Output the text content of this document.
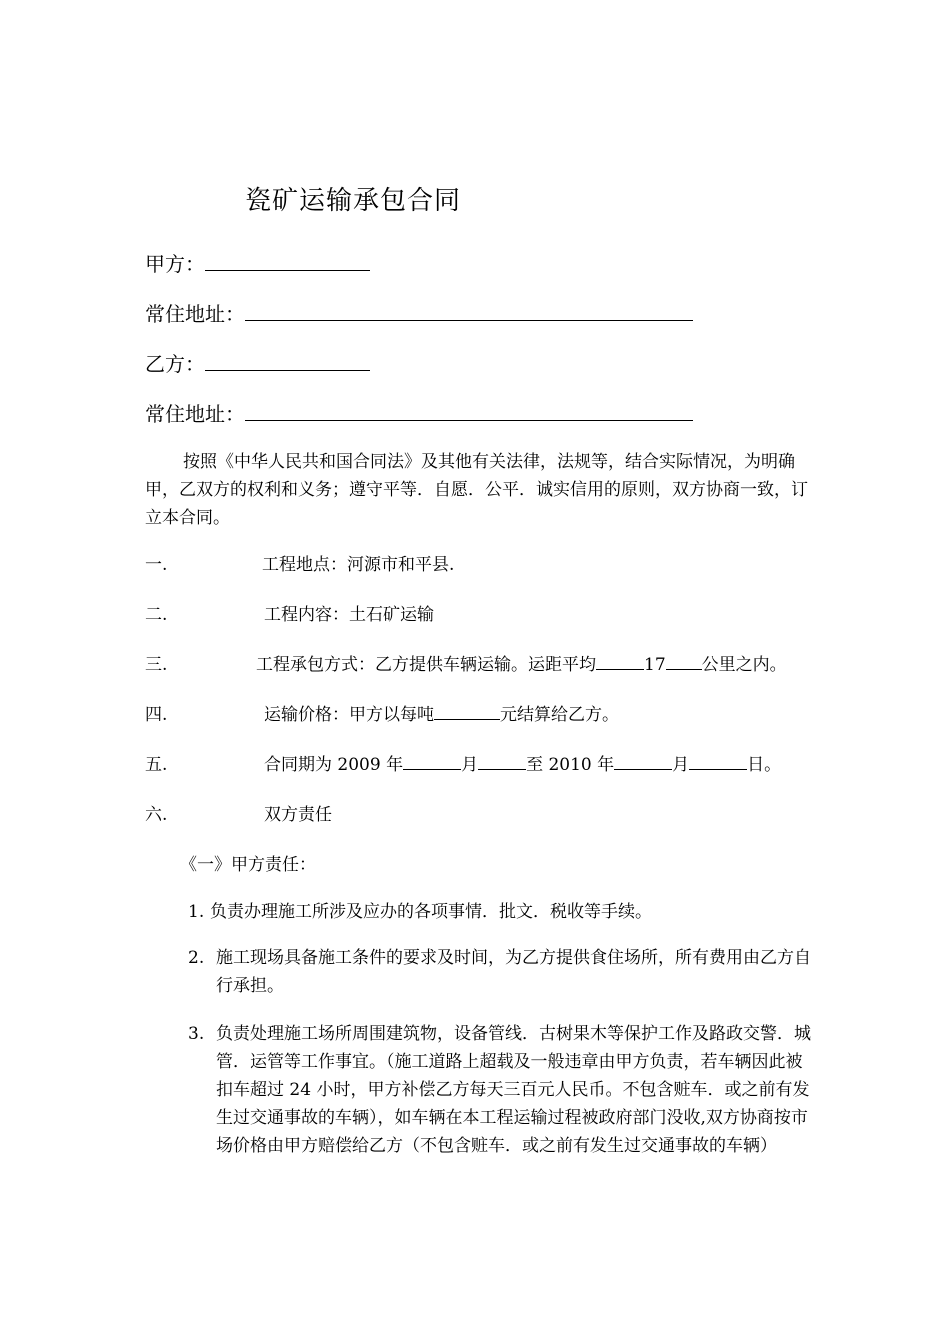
瓷矿运输承包合同
甲方：
常住地址：
乙方：
常住地址：
按照《中华人民共和国合同法》及其他有关法律，法规等，结合实际情况，为明确甲，乙双方的权利和义务；遵守平等．自愿．公平．诚实信用的原则，双方协商一致，订立本合同。
一.	工程地点：河源市和平县.
二.	工程内容：土石矿运输
三.	工程承包方式：乙方提供车辆运输。运距平均	17 公里之内。
四.	运输价格：甲方以每吨	元结算给乙方。
五.	合同期为 2009 年	月	至 2010 年	月	日。
六.	双方责任
《一》甲方责任：
1. 负责办理施工所涉及应办的各项事情．批文．税收等手续。
2. 施工现场具备施工条件的要求及时间，为乙方提供食住场所，所有费用由乙方自行承担。
3. 负责处理施工场所周围建筑物，设备管线．古树果木等保护工作及路政交警．城管．运管等工作事宜。（施工道路上超载及一般违章由甲方负责，若车辆因此被扣车超过 24 小时，甲方补偿乙方每天三百元人民币。不包含赃车．或之前有发生过交通事故的车辆），如车辆在本工程运输过程被政府部门没收,双方协商按市场价格由甲方赔偿给乙方（不包含赃车．或之前有发生过交通事故的车辆）
